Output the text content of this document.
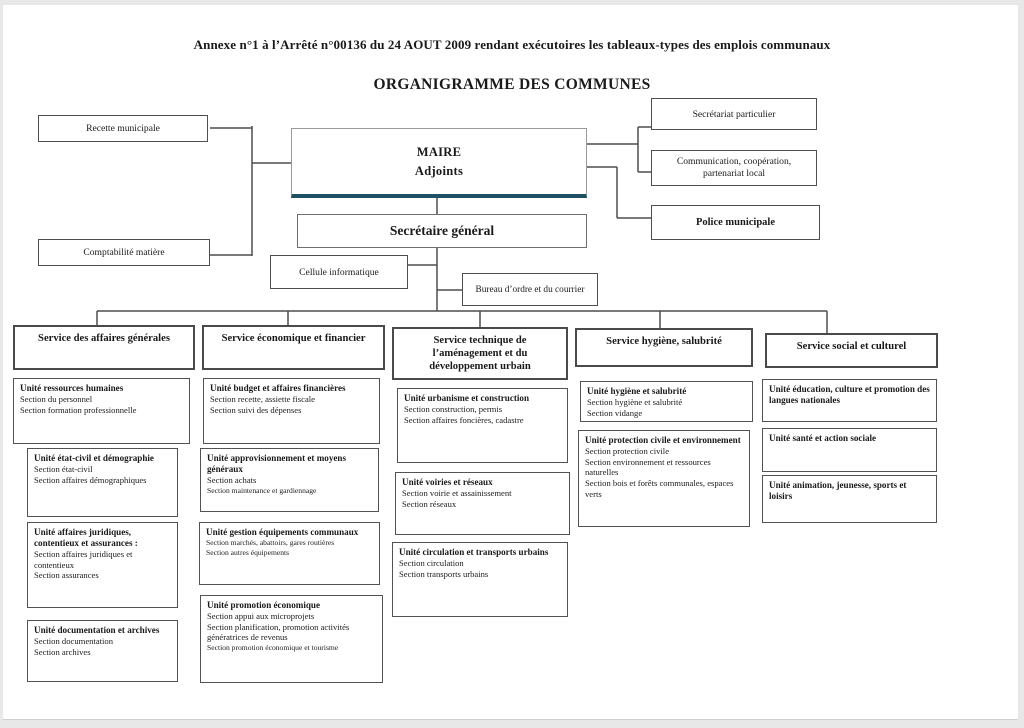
Annexe n°1 à l’Arrêté n°00136 du 24 AOUT 2009 rendant exécutoires les tableaux-types des emplois communaux
ORGANIGRAMME DES COMMUNES
Recette municipale
Comptabilité matière
MAIRE
Adjoints
Secrétariat particulier
Communication, coopération, partenariat local
Police municipale
Secrétaire général
Cellule informatique
Bureau d’ordre et du courrier
Service des affaires générales
Unité ressources humaines
Section du personnel
Section formation professionnelle
Unité état-civil et démographie
Section état-civil
Section affaires démographiques
Unité affaires juridiques, contentieux et assurances :
Section affaires juridiques et contentieux
Section assurances
Unité documentation et archives
Section documentation
Section archives
Service économique et financier
Unité budget et affaires financières
Section recette, assiette fiscale
Section suivi des dépenses
Unité approvisionnement et moyens généraux
Section achats
Section maintenance et gardiennage
Unité gestion équipements communaux
Section marchés, abattoirs, gares routières
Section autres équipements
Unité promotion économique
Section appui aux microprojets
Section planification, promotion activités génératrices de revenus
Section promotion économique et tourisme
Service technique de l’aménagement et du développement urbain
Unité urbanisme et construction
Section construction, permis
Section affaires foncières, cadastre
Unité voiries et réseaux
Section voirie et assainissement
Section réseaux
Unité circulation et transports urbains
Section circulation
Section transports urbains
Service hygiène, salubrité
Unité hygiène et salubrité
Section hygiène et salubrité
Section vidange
Unité protection civile et environnement
Section protection civile
Section environnement et ressources naturelles
Section bois et forêts communales, espaces verts
Service social et culturel
Unité éducation, culture et promotion des langues nationales
Unité santé et action sociale
Unité animation, jeunesse, sports et loisirs
